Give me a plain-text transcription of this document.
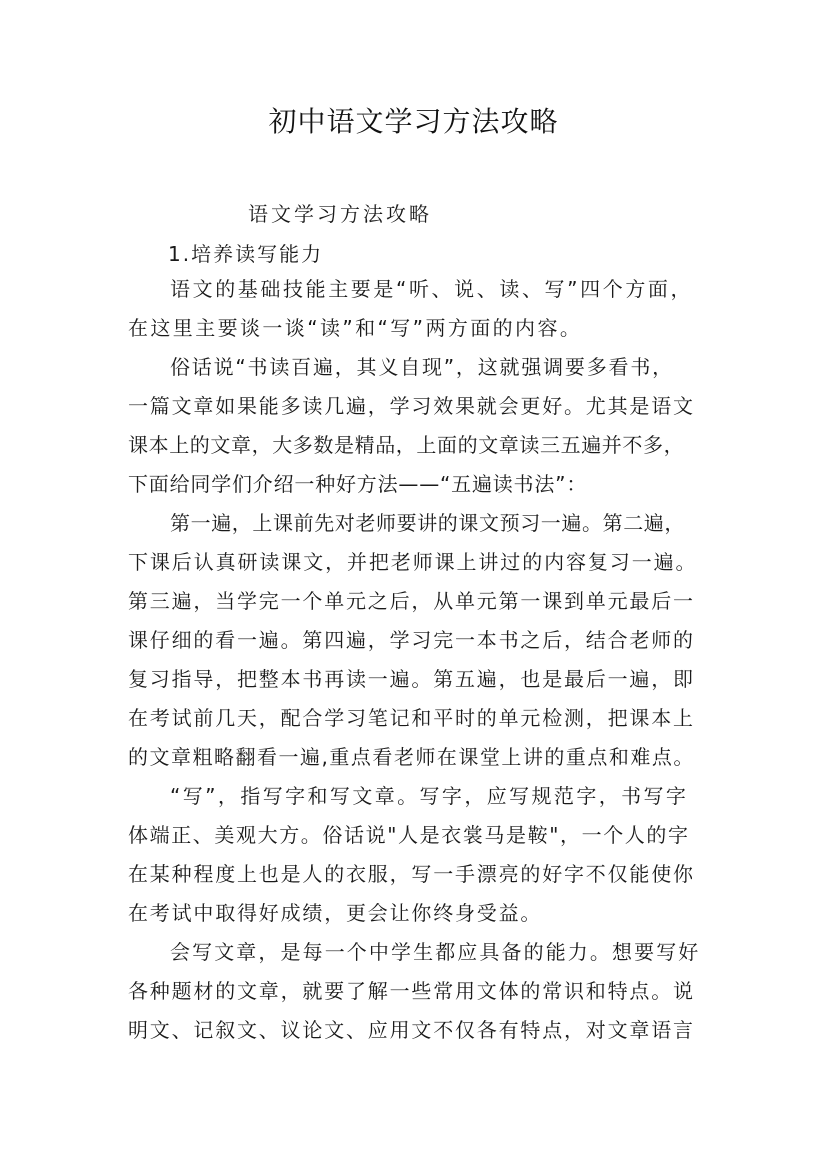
初中语文学习方法攻略
语文学习方法攻略
1.培养读写能力
语文的基础技能主要是“听、说、读、写”四个方面，
在这里主要谈一谈“读”和“写”两方面的内容。
俗话说“书读百遍，其义自现”，这就强调要多看书，
一篇文章如果能多读几遍，学习效果就会更好。尤其是语文
课本上的文章，大多数是精品，上面的文章读三五遍并不多，
下面给同学们介绍一种好方法——“五遍读书法”：
第一遍，上课前先对老师要讲的课文预习一遍。第二遍，
下课后认真研读课文，并把老师课上讲过的内容复习一遍。
第三遍，当学完一个单元之后，从单元第一课到单元最后一
课仔细的看一遍。第四遍，学习完一本书之后，结合老师的
复习指导，把整本书再读一遍。第五遍，也是最后一遍，即
在考试前几天，配合学习笔记和平时的单元检测，把课本上
的文章粗略翻看一遍,重点看老师在课堂上讲的重点和难点。
“写”，指写字和写文章。写字，应写规范字，书写字
体端正、美观大方。俗话说"人是衣裳马是鞍"，一个人的字
在某种程度上也是人的衣服，写一手漂亮的好字不仅能使你
在考试中取得好成绩，更会让你终身受益。
会写文章，是每一个中学生都应具备的能力。想要写好
各种题材的文章，就要了解一些常用文体的常识和特点。说
明文、记叙文、议论文、应用文不仅各有特点，对文章语言
